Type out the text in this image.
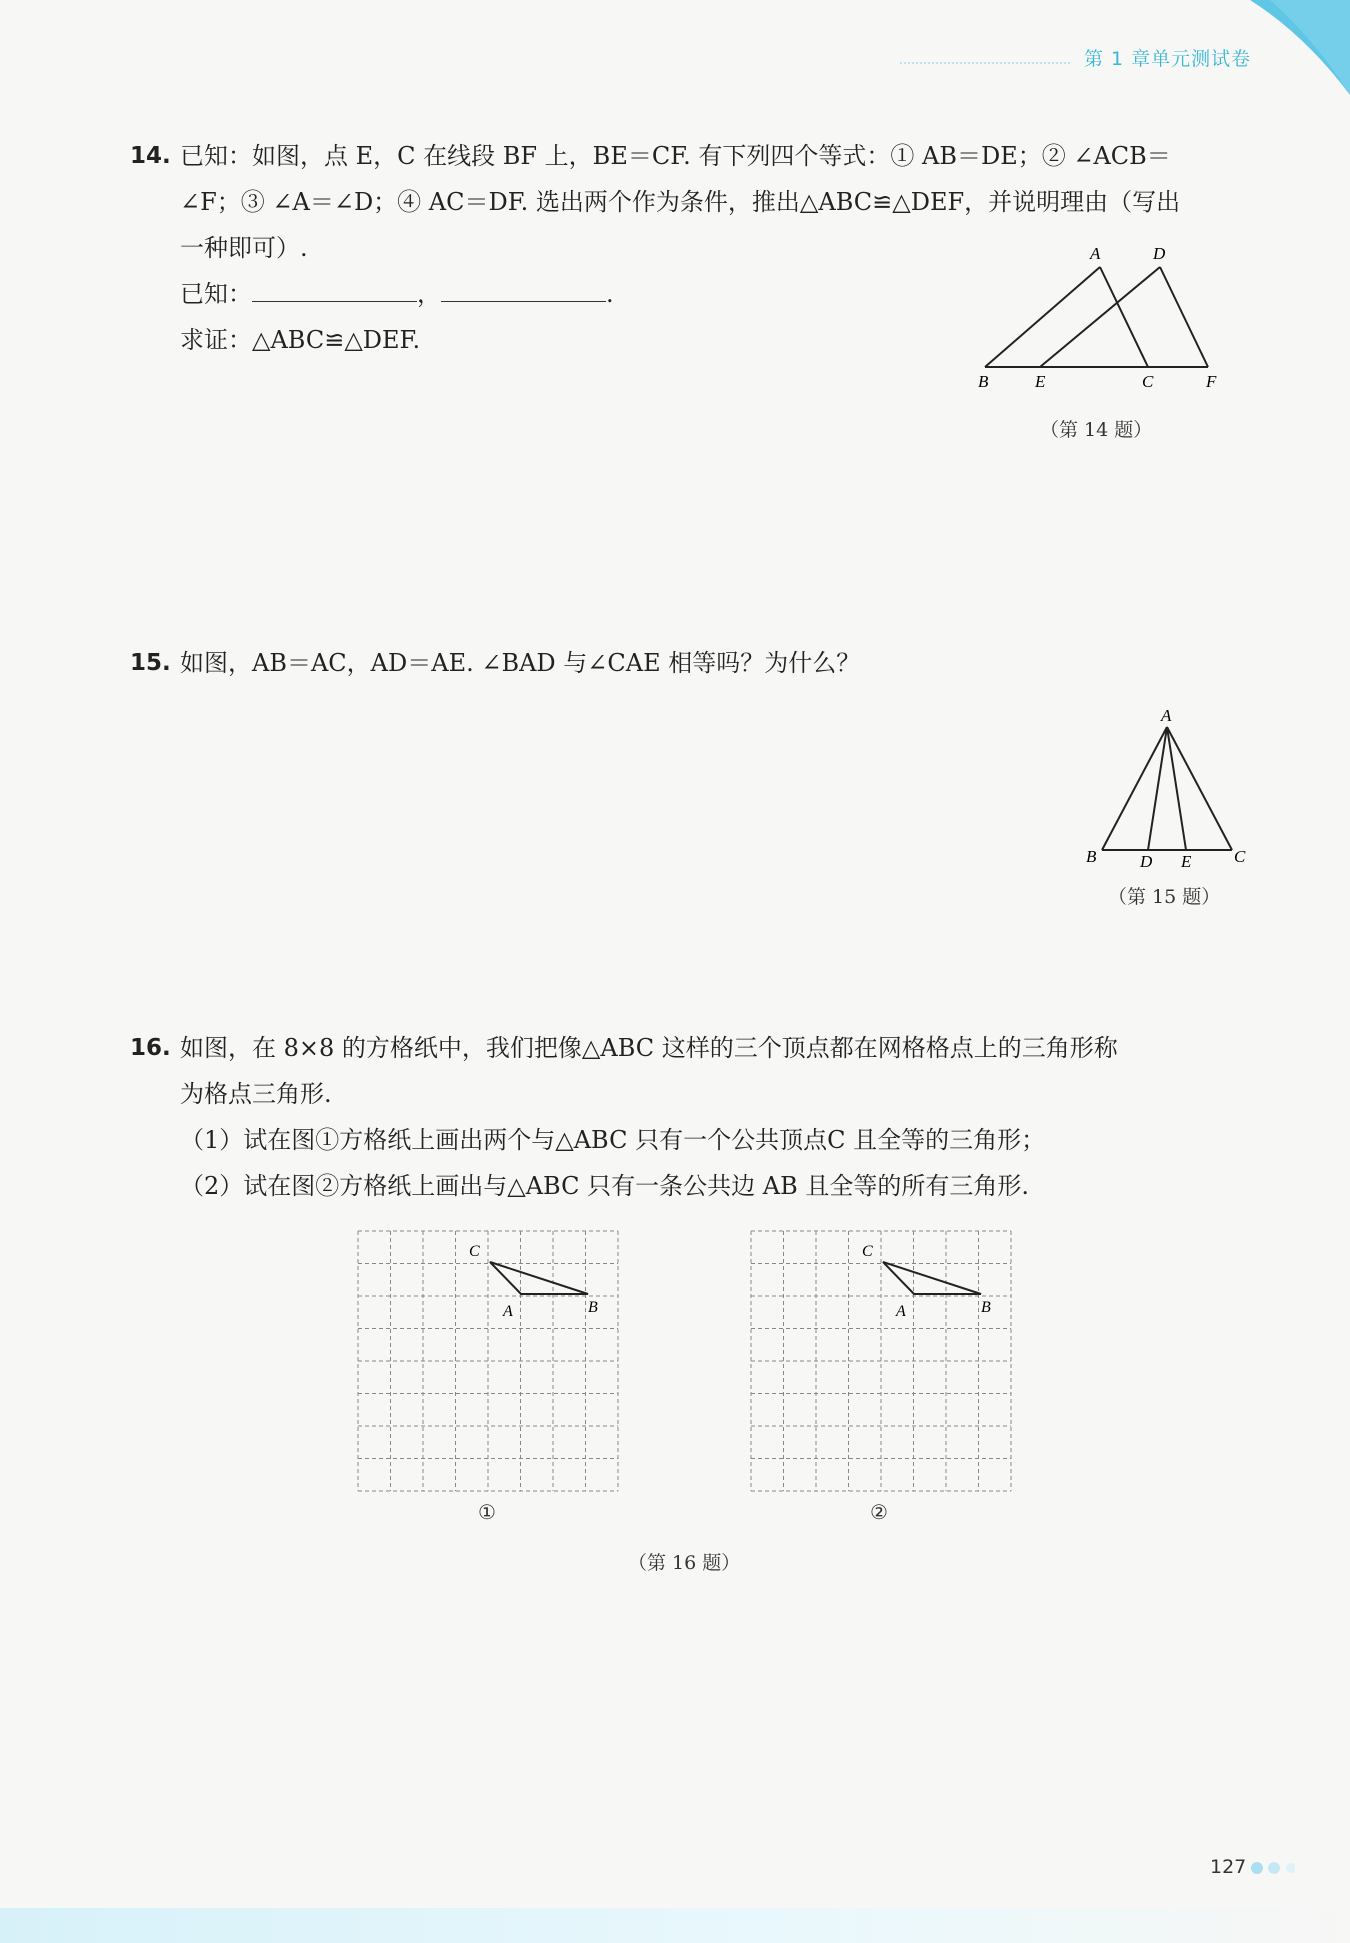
第 1 章单元测试卷
14. 已知：如图，点 E，C 在线段 BF 上，BE＝CF. 有下列四个等式：① AB＝DE；② ∠ACB＝
∠F；③ ∠A＝∠D；④ AC＝DF. 选出两个作为条件，推出△ABC≌△DEF，并说明理由（写出
一种即可）.
已知：	，	.
求证：△ABC≌△DEF.
A	D
B	E	C	F
（第 14 题）
15. 如图，AB＝AC，AD＝AE. ∠BAD 与∠CAE 相等吗？为什么？
A
B	D E	C
（第 15 题）
16. 如图，在 8×8 的方格纸中，我们把像△ABC 这样的三个顶点都在网格格点上的三角形称
为格点三角形.
（1）试在图①方格纸上画出两个与△ABC 只有一个公共顶点C 且全等的三角形；
（2）试在图②方格纸上画出与△ABC 只有一条公共边 AB 且全等的所有三角形.
C
A	B
①
C
A	B
②
（第 16 题）
127
